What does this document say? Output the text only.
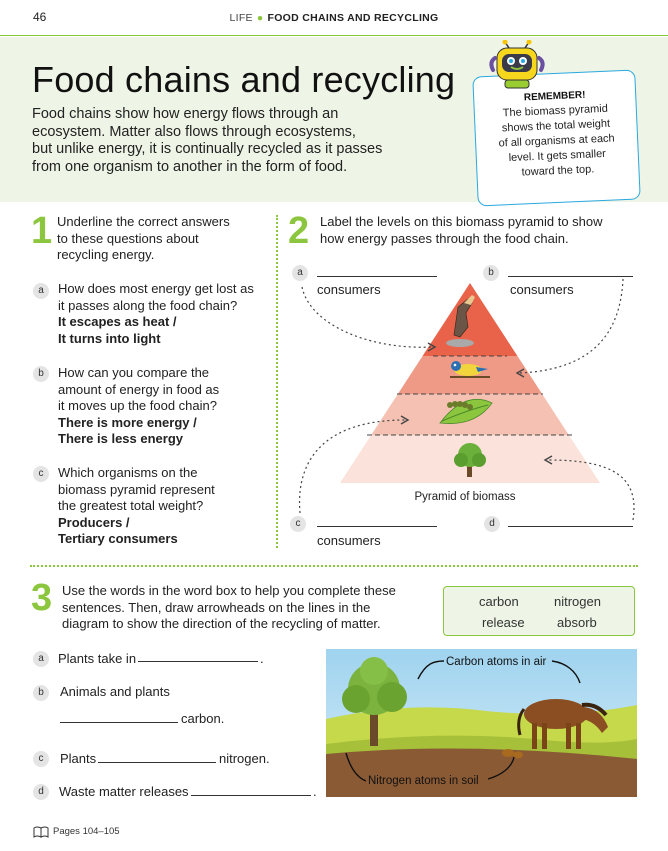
46	LIFE ● FOOD CHAINS AND RECYCLING
Food chains and recycling
Food chains show how energy flows through an
ecosystem. Matter also flows through ecosystems,
but unlike energy, it is continually recycled as it passes
from one organism to another in the form of food.
REMEMBER!
The biomass pyramid
shows the total weight
of all organisms at each
level. It gets smaller
toward the top.
1 Underline the correct answers
to these questions about
recycling energy.
a	How does most energy get lost as
it passes along the food chain?
It escapes as heat /
It turns into light
b	How can you compare the
amount of energy in food as
it moves up the food chain?
There is more energy /
There is less energy
c	Which organisms on the
biomass pyramid represent
the greatest total weight?
Producers /
Tertiary consumers
2 Label the levels on this biomass pyramid to show
how energy passes through the food chain.
a
consumers
b
consumers
Pyramid of biomass
c
consumers
d
3 Use the words in the word box to help you complete these
sentences. Then, draw arrowheads on the lines in the
diagram to show the direction of the recycling of matter.
carbon	nitrogen
release absorb
a	Plants take in	.
b	Animals and plants
carbon.
c	Plants	nitrogen.
d	Waste matter releases	.
Carbon atoms in air
Nitrogen atoms in soil
Pages 104–105
